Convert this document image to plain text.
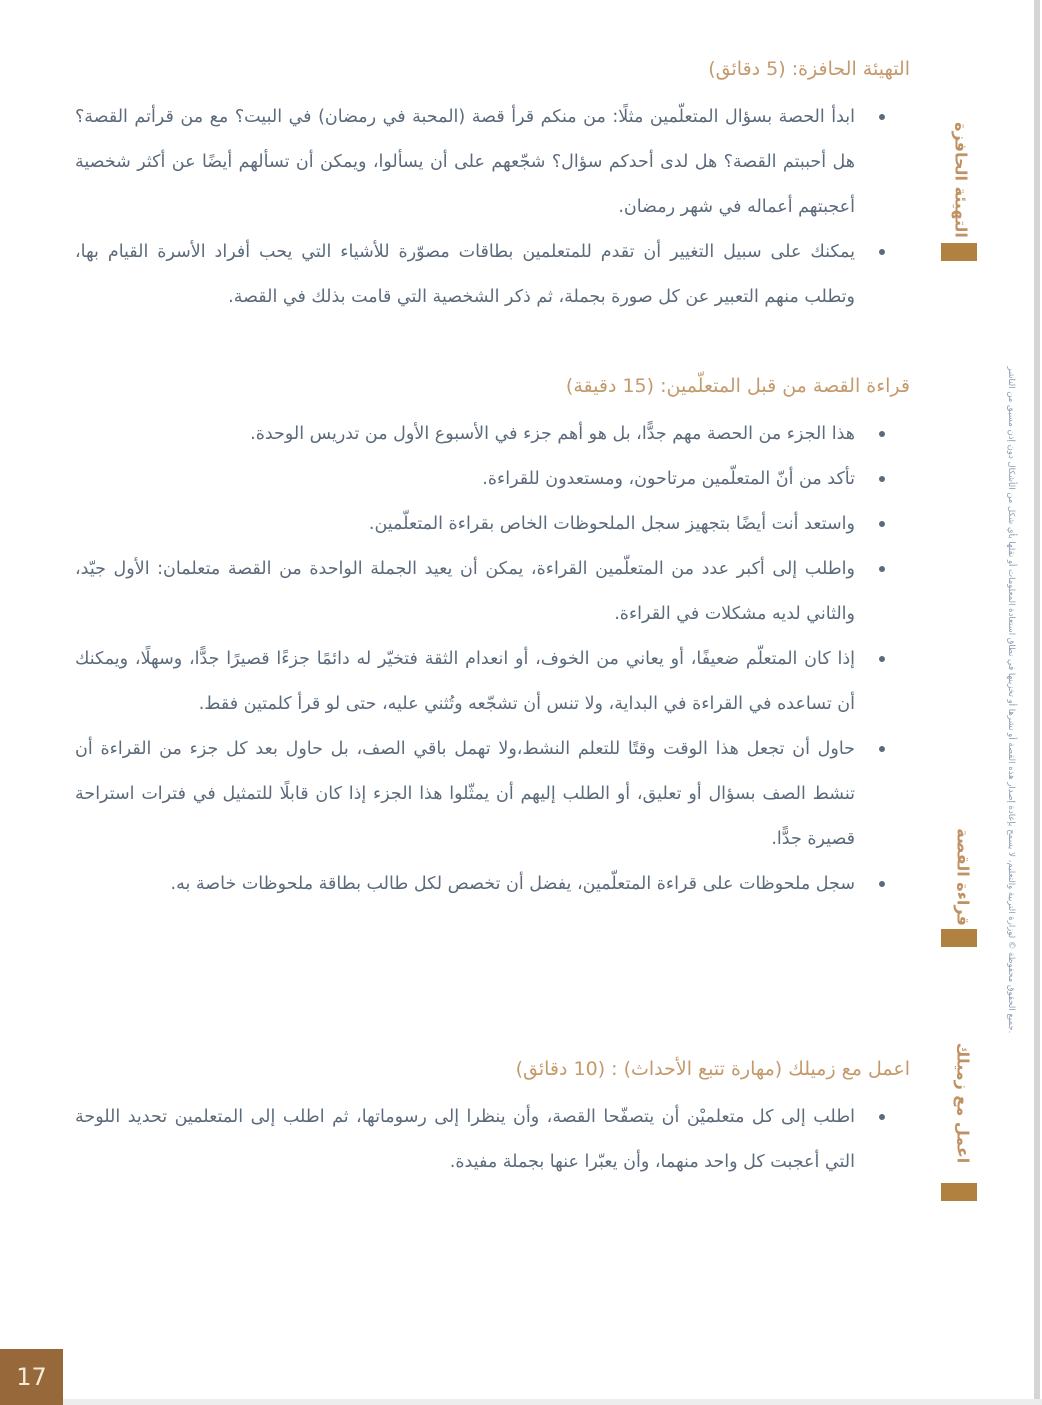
التهيئة الحافزة: (5 دقائق)
ابدأ الحصة بسؤال المتعلّمين مثلًا: من منكم قرأ قصة (المحبة في رمضان) في البيت؟ مع من قرأتم القصة؟ هل أحببتم القصة؟ هل لدى أحدكم سؤال؟ شجّعهم على أن يسألوا، ويمكن أن تسألهم أيضًا عن أكثر شخصية أعجبتهم أعماله في شهر رمضان.
يمكنك على سبيل التغيير أن تقدم للمتعلمين بطاقات مصوّرة للأشياء التي يحب أفراد الأسرة القيام بها، وتطلب منهم التعبير عن كل صورة بجملة، ثم ذكر الشخصية التي قامت بذلك في القصة.
قراءة القصة من قبل المتعلّمين: (15 دقيقة)
هذا الجزء من الحصة مهم جدًّا، بل هو أهم جزء في الأسبوع الأول من تدريس الوحدة.
تأكد من أنّ المتعلّمين مرتاحون، ومستعدون للقراءة.
واستعد أنت أيضًا بتجهيز سجل الملحوظات الخاص بقراءة المتعلّمين.
واطلب إلى أكبر عدد من المتعلّمين القراءة، يمكن أن يعيد الجملة الواحدة من القصة متعلمان: الأول جيّد، والثاني لديه مشكلات في القراءة.
إذا كان المتعلّم ضعيفًا، أو يعاني من الخوف، أو انعدام الثقة فتخيّر له دائمًا جزءًا قصيرًا جدًّا، وسهلًا، ويمكنك أن تساعده في القراءة في البداية، ولا تنس أن تشجّعه وتُثني عليه، حتى لو قرأ كلمتين فقط.
حاول أن تجعل هذا الوقت وقتًا للتعلم النشط،ولا تهمل باقي الصف، بل حاول بعد كل جزء من القراءة أن تنشط الصف بسؤال أو تعليق، أو الطلب إليهم أن يمثّلوا هذا الجزء إذا كان قابلًا للتمثيل في فترات استراحة قصيرة جدًّا.
سجل ملحوظات على قراءة المتعلّمين، يفضل أن تخصص لكل طالب بطاقة ملحوظات خاصة به.
اعمل مع زميلك (مهارة تتبع الأحداث) : (10 دقائق)
اطلب إلى كل متعلميْن أن يتصفّحا القصة، وأن ينظرا إلى رسوماتها، ثم اطلب إلى المتعلمين تحديد اللوحة التي أعجبت كل واحد منهما، وأن يعبّرا عنها بجملة مفيدة.
التهيئة الحافزة
قراءة القصة
اعمل مع زميلك
جميع الحقوق محفوظة © لوزارة التربية والتعليم، لا يسمح بإعادة إصدار هذه القصة أو نشرها أو تخزينها في نطاق استعادة المعلومات أو نقلها بأي شكل من الأشكال دون إذن مسبق من الناشر.
17
